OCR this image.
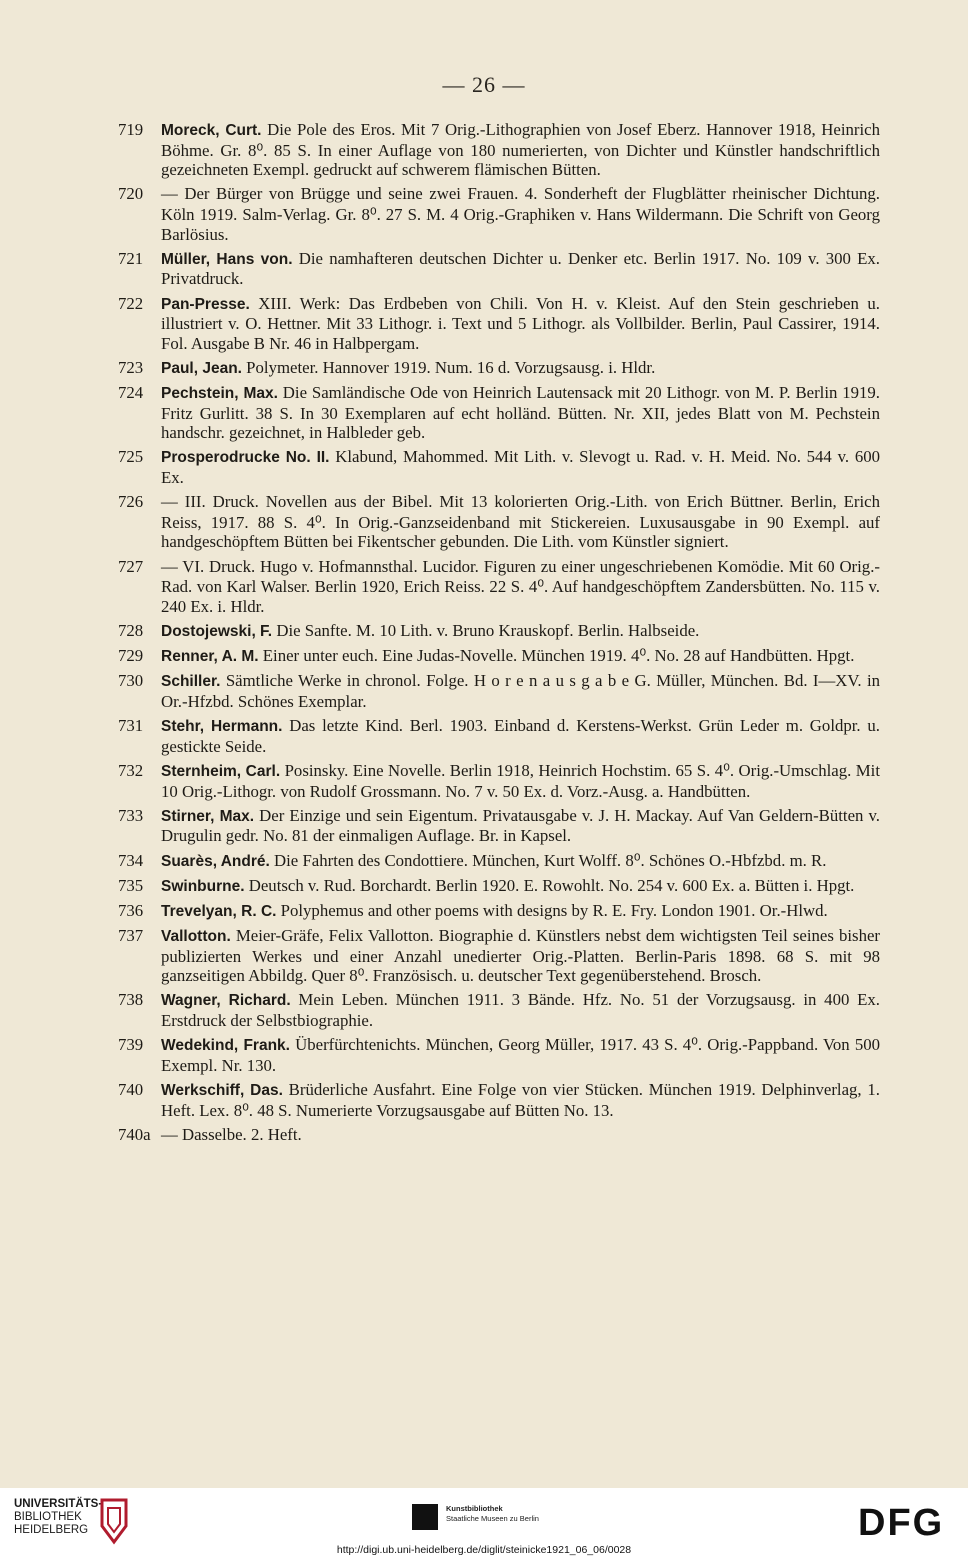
— 26 —
719	Moreck, Curt. Die Pole des Eros. Mit 7 Orig.-Lithographien von Josef Eberz. Hannover 1918, Heinrich Böhme. Gr. 8⁰. 85 S. In einer Auflage von 180 numerierten, von Dichter und Künstler handschriftlich gezeichneten Exempl. gedruckt auf schwerem flämischen Bütten.
720	— Der Bürger von Brügge und seine zwei Frauen. 4. Sonderheft der Flugblätter rheinischer Dichtung. Köln 1919. Salm-Verlag. Gr. 8⁰. 27 S. M. 4 Orig.-Graphiken v. Hans Wildermann. Die Schrift von Georg Barlösius.
721	Müller, Hans von. Die namhafteren deutschen Dichter u. Denker etc. Berlin 1917. No. 109 v. 300 Ex. Privatdruck.
722	Pan-Presse. XIII. Werk: Das Erdbeben von Chili. Von H. v. Kleist. Auf den Stein geschrieben u. illustriert v. O. Hettner. Mit 33 Lithogr. i. Text und 5 Lithogr. als Vollbilder. Berlin, Paul Cassirer, 1914. Fol. Ausgabe B Nr. 46 in Halbpergam.
723	Paul, Jean. Polymeter. Hannover 1919. Num. 16 d. Vorzugsausg. i. Hldr.
724	Pechstein, Max. Die Samländische Ode von Heinrich Lautensack mit 20 Lithogr. von M. P. Berlin 1919. Fritz Gurlitt. 38 S. In 30 Exemplaren auf echt holländ. Bütten. Nr. XII, jedes Blatt von M. Pechstein handschr. gezeichnet, in Halbleder geb.
725	Prosperodrucke No. II. Klabund, Mahommed. Mit Lith. v. Slevogt u. Rad. v. H. Meid. No. 544 v. 600 Ex.
726	— III. Druck. Novellen aus der Bibel. Mit 13 kolorierten Orig.-Lith. von Erich Büttner. Berlin, Erich Reiss, 1917. 88 S. 4⁰. In Orig.-Ganzseidenband mit Stickereien. Luxusausgabe in 90 Exempl. auf handgeschöpftem Bütten bei Fikentscher gebunden. Die Lith. vom Künstler signiert.
727	— VI. Druck. Hugo v. Hofmannsthal. Lucidor. Figuren zu einer ungeschriebenen Komödie. Mit 60 Orig.-Rad. von Karl Walser. Berlin 1920, Erich Reiss. 22 S. 4⁰. Auf handgeschöpftem Zandersbütten. No. 115 v. 240 Ex. i. Hldr.
728	Dostojewski, F. Die Sanfte. M. 10 Lith. v. Bruno Krauskopf. Berlin. Halbseide.
729	Renner, A. M. Einer unter euch. Eine Judas-Novelle. München 1919. 4⁰. No. 28 auf Handbütten. Hpgt.
730	Schiller. Sämtliche Werke in chronol. Folge. H o r e n a u s g a b e G. Müller, München. Bd. I—XV. in Or.-Hfzbd. Schönes Exemplar.
731	Stehr, Hermann. Das letzte Kind. Berl. 1903. Einband d. Kerstens-Werkst. Grün Leder m. Goldpr. u. gestickte Seide.
732	Sternheim, Carl. Posinsky. Eine Novelle. Berlin 1918, Heinrich Hochstim. 65 S. 4⁰. Orig.-Umschlag. Mit 10 Orig.-Lithogr. von Rudolf Grossmann. No. 7 v. 50 Ex. d. Vorz.-Ausg. a. Handbütten.
733	Stirner, Max. Der Einzige und sein Eigentum. Privatausgabe v. J. H. Mackay. Auf Van Geldern-Bütten v. Drugulin gedr. No. 81 der einmaligen Auflage. Br. in Kapsel.
734	Suarès, André. Die Fahrten des Condottiere. München, Kurt Wolff. 8⁰. Schönes O.-Hbfzbd. m. R.
735	Swinburne. Deutsch v. Rud. Borchardt. Berlin 1920. E. Rowohlt. No. 254 v. 600 Ex. a. Bütten i. Hpgt.
736	Trevelyan, R. C. Polyphemus and other poems with designs by R. E. Fry. London 1901. Or.-Hlwd.
737	Vallotton. Meier-Gräfe, Felix Vallotton. Biographie d. Künstlers nebst dem wichtigsten Teil seines bisher publizierten Werkes und einer Anzahl unedierter Orig.-Platten. Berlin-Paris 1898. 68 S. mit 98 ganzseitigen Abbildg. Quer 8⁰. Französisch. u. deutscher Text gegenüberstehend. Brosch.
738	Wagner, Richard. Mein Leben. München 1911. 3 Bände. Hfz. No. 51 der Vorzugsausg. in 400 Ex. Erstdruck der Selbstbiographie.
739	Wedekind, Frank. Überfürchtenichts. München, Georg Müller, 1917. 43 S. 4⁰. Orig.-Pappband. Von 500 Exempl. Nr. 130.
740	Werkschiff, Das. Brüderliche Ausfahrt. Eine Folge von vier Stücken. München 1919. Delphinverlag, 1. Heft. Lex. 8⁰. 48 S. Numerierte Vorzugsausgabe auf Bütten No. 13.
740a — Dasselbe. 2. Heft.
UNIVERSITÄTS-
BIBLIOTHEK
HEIDELBERG
Kunstbibliothek
Staatliche Museen zu Berlin	DFG
http://digi.ub.uni-heidelberg.de/diglit/steinicke1921_06_06/0028
